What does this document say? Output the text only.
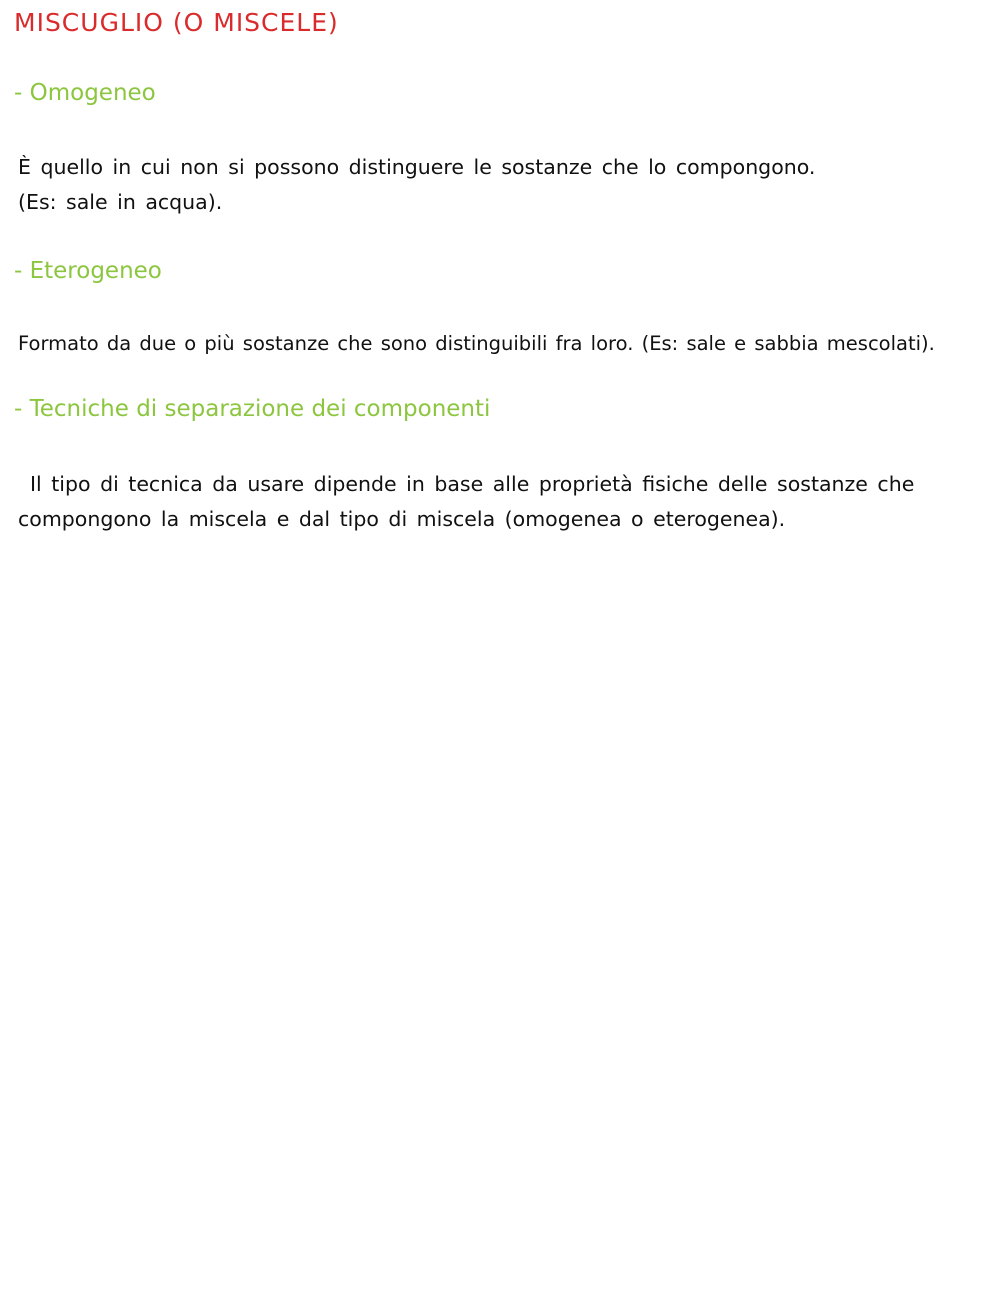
MISCUGLIO (O MISCELE)
- Omogeneo

È quello in cui non si possono distinguere le sostanze che lo compongono.
(Es: sale in acqua).

- Eterogeneo

Formato da due o più sostanze che sono distinguibili fra loro. (Es: sale e sabbia mescolati).

- Tecniche di separazione dei componenti

Il tipo di tecnica da usare dipende in base alle proprietà fisiche delle sostanze che
compongono la miscela e dal tipo di miscela (omogenea o eterogenea).
